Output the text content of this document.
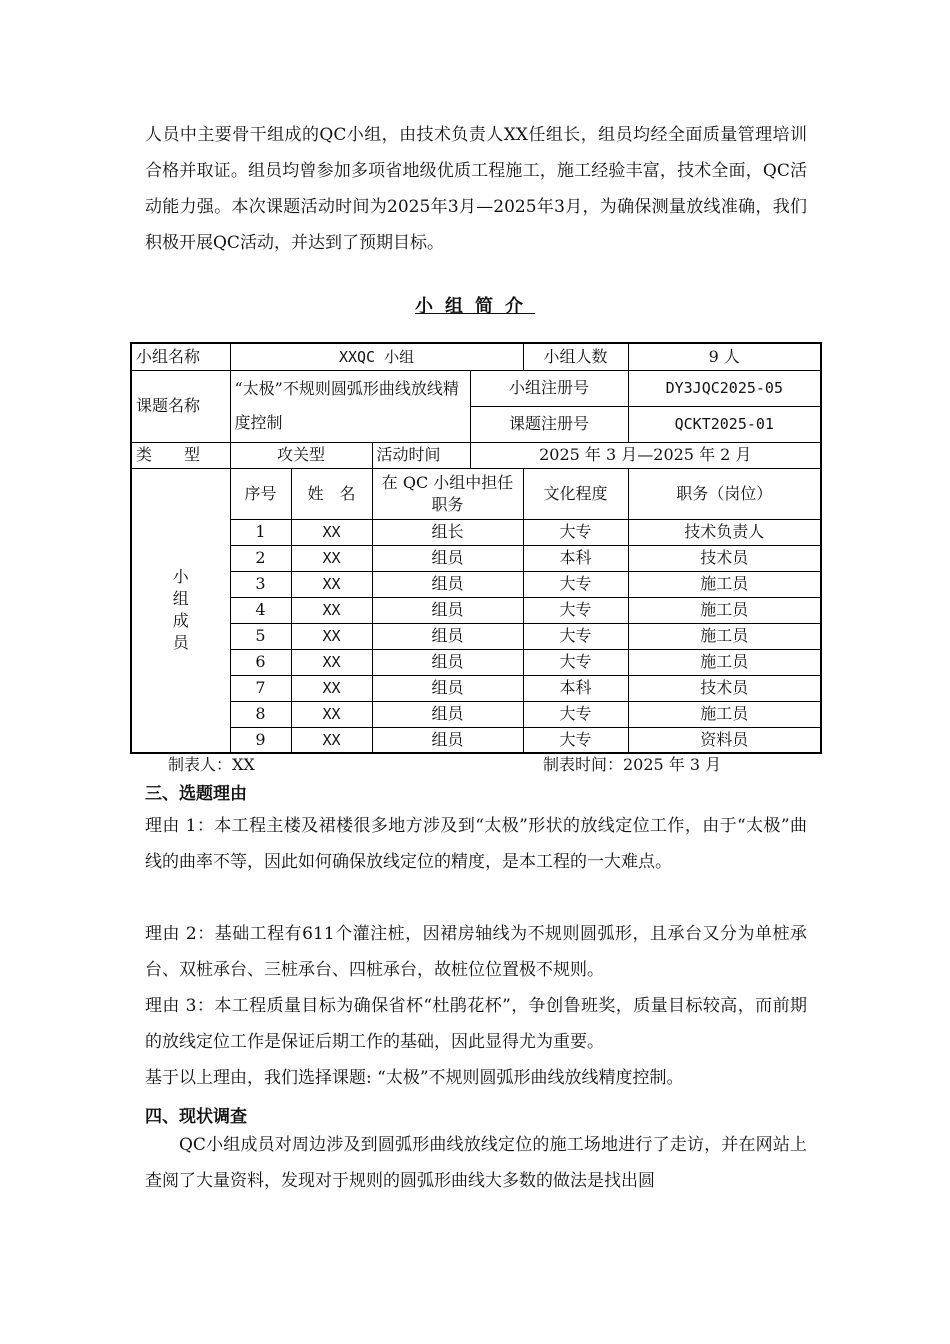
人员中主要骨干组成的QC小组，由技术负责人XX任组长，组员均经全面质量管理培训合格并取证。组员均曾参加多项省地级优质工程施工，施工经验丰富，技术全面，QC活动能力强。本次课题活动时间为2025年3月—2025年3月，为确保测量放线准确，我们积极开展QC活动，并达到了预期目标。

小组简介

小组名称	XXQC 小组				小组人数	9 人
课题名称	“太极”不规则圆弧形曲线放线精度控制			小组注册号		DY3JQC2025-05
				课题注册号		QCKT2025-01
类　　型	攻关型		活动时间	2025 年 3 月—2025 年 2 月		

小组成员	序号	姓　名	在 QC 小组中担任职务		文化程度	职务（岗位）
	1	XX	组长		大专	技术负责人
	2	XX	组员		本科	技术员
	3	XX	组员		大专	施工员
	4	XX	组员		大专	施工员
	5	XX	组员		大专	施工员
	6	XX	组员		大专	施工员
	7	XX	组员		本科	技术员
	8	XX	组员		大专	施工员
	9	XX	组员		大专	资料员

制表人：XX	制表时间：2025 年 3 月

三、选题理由

理由 1：本工程主楼及裙楼很多地方涉及到“太极”形状的放线定位工作，由于“太极”曲线的曲率不等，因此如何确保放线定位的精度，是本工程的一大难点。

理由 2：基础工程有611个灌注桩，因裙房轴线为不规则圆弧形，且承台又分为单桩承台、双桩承台、三桩承台、四桩承台，故桩位位置极不规则。

理由 3：本工程质量目标为确保省杯“杜鹃花杯”，争创鲁班奖，质量目标较高，而前期的放线定位工作是保证后期工作的基础，因此显得尤为重要。

基于以上理由，我们选择课题: “太极”不规则圆弧形曲线放线精度控制。

四、现状调查

QC小组成员对周边涉及到圆弧形曲线放线定位的施工场地进行了走访，并在网站上查阅了大量资料，发现对于规则的圆弧形曲线大多数的做法是找出圆
